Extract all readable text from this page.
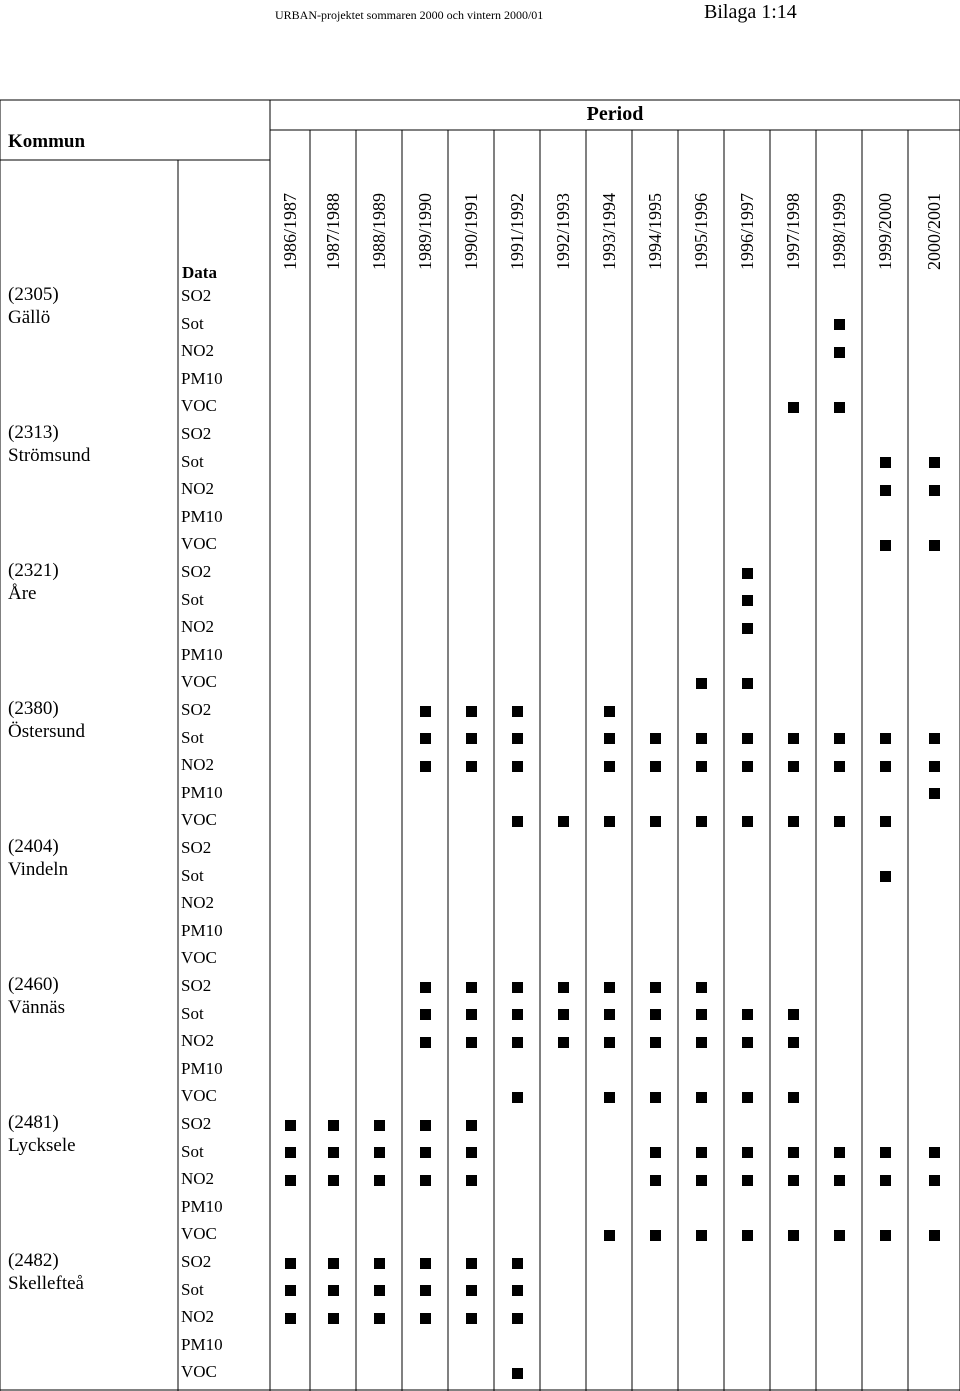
URBAN-projektet sommaren 2000 och vintern 2000/01	Bilaga 1:14
Kommun
Period
Data
1986/1987 1987/1988 1988/1989 1989/1990 1990/1991 1991/1992 1992/1993 1993/1994 1994/1995 1995/1996 1996/1997 1997/1998 1998/1999 1999/2000 2000/2001
(2305)
Gällö
SO2
Sot
NO2
PM10
VOC
(2313)
Strömsund
SO2
Sot
NO2
PM10
VOC
(2321)
Åre
SO2
Sot
NO2
PM10
VOC
(2380)
Östersund
SO2
Sot
NO2
PM10
VOC
(2404)
Vindeln
SO2
Sot
NO2
PM10
VOC
(2460)
Vännäs
SO2
Sot
NO2
PM10
VOC
(2481)
Lycksele
SO2
Sot
NO2
PM10
VOC
(2482)
Skellefteå
SO2
Sot
NO2
PM10
VOC
